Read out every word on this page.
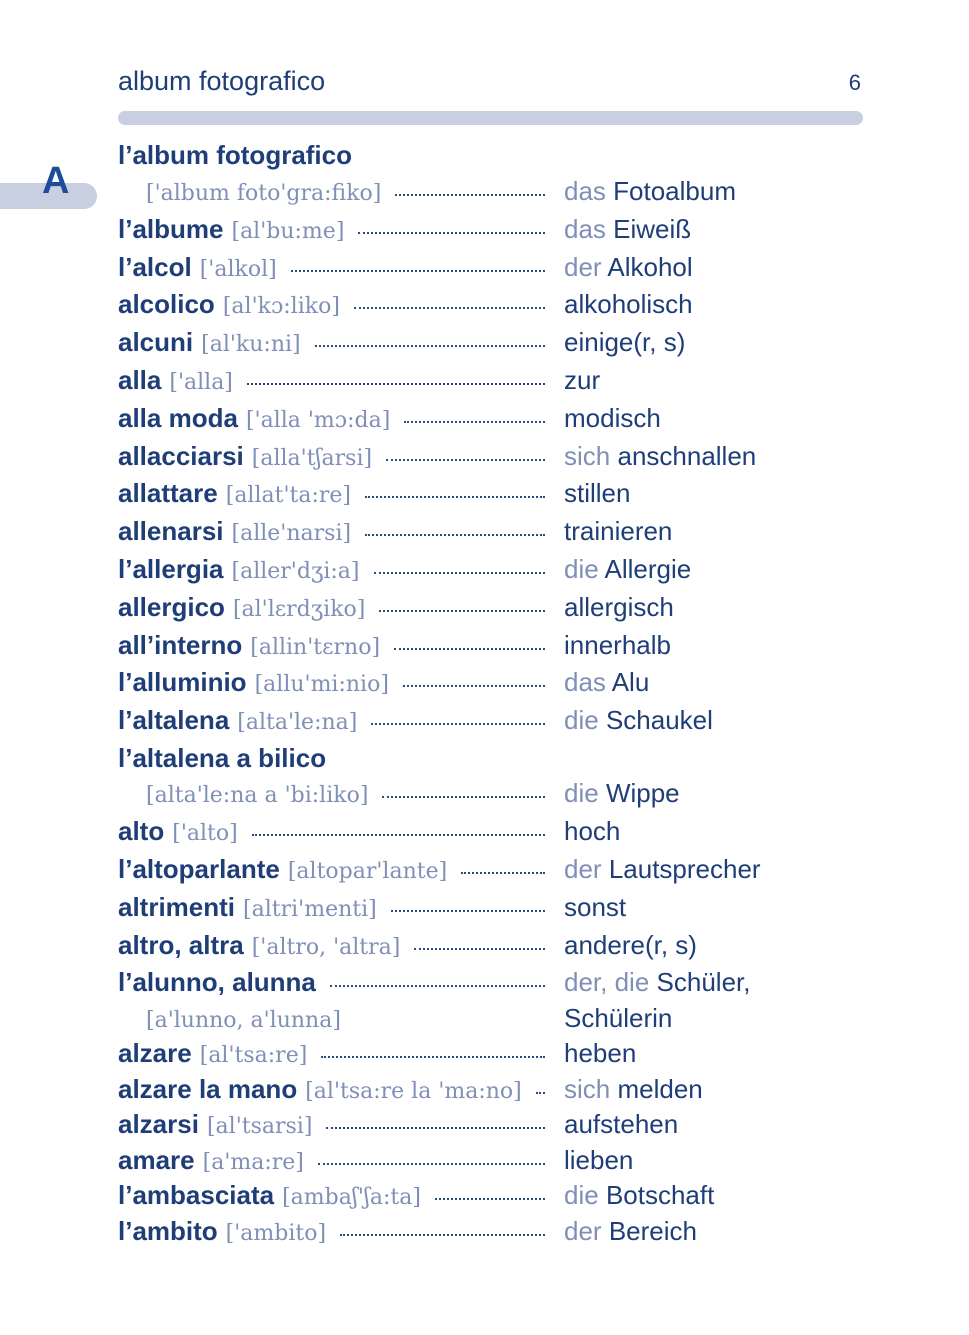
album fotografico	6
A
l’album fotografico
['album foto'gra:fiko]	das Fotoalbum
l’albume [al'bu:me]	das Eiweiß
l’alcol ['alkol]	der Alkohol
alcolico [al'kɔ:liko]	alkoholisch
alcuni [al'ku:ni]	einige(r, s)
alla ['alla]	zur
alla moda ['alla 'mɔ:da]	modisch
allacciarsi [alla'tʃarsi]	sich anschnallen
allattare [allat'ta:re]	stillen
allenarsi [alle'narsi]	trainieren
l’allergia [aller'dʒi:a]	die Allergie
allergico [al'lɛrdʒiko]	allergisch
all’interno [allin'tɛrno]	innerhalb
l’alluminio [allu'mi:nio]	das Alu
l’altalena [alta'le:na]	die Schaukel
l’altalena a bilico
[alta'le:na a 'bi:liko]	die Wippe
alto ['alto]	hoch
l’altoparlante [altopar'lante]	der Lautsprecher
altrimenti [altri'menti]	sonst
altro, altra ['altro, 'altra]	andere(r, s)
l’alunno, alunna	der, die Schüler,
[a'lunno, a'lunna]	Schülerin
alzare [al'tsa:re]	heben
alzare la mano [al'tsa:re la 'ma:no] sich melden
alzarsi [al'tsarsi]	aufstehen
amare [a'ma:re]	lieben
l’ambasciata [ambaʃ'ʃa:ta]	die Botschaft
l’ambito ['ambito]	der Bereich
